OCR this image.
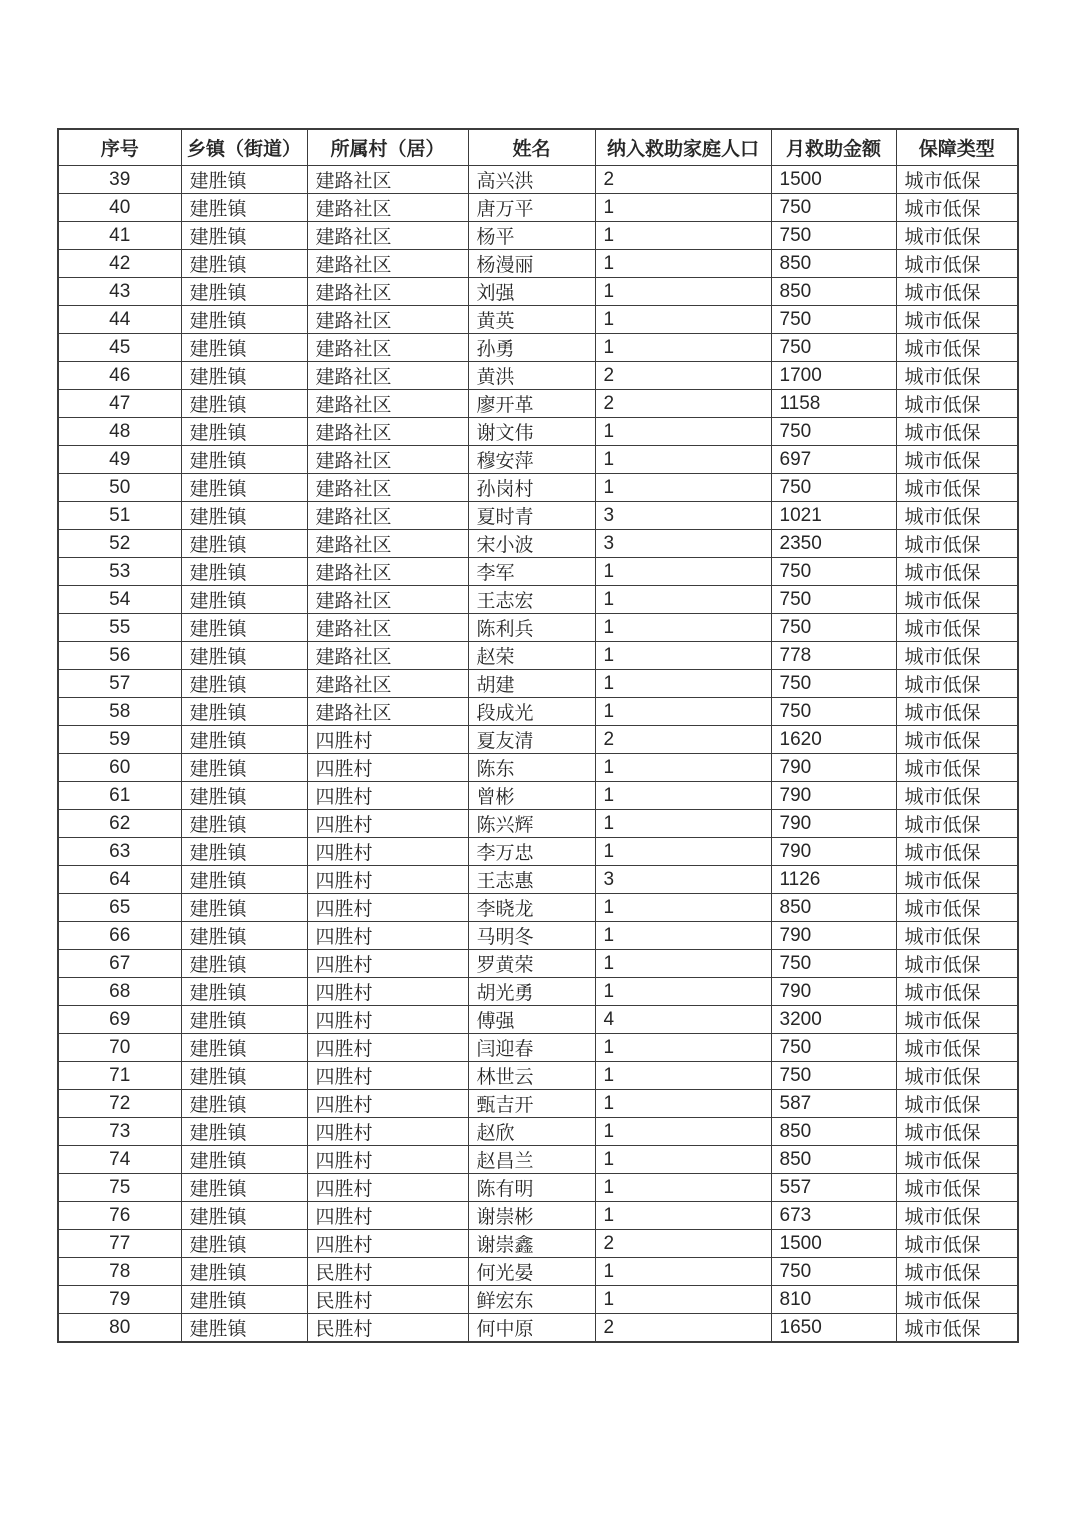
序号	乡镇（街道）	所属村（居）	姓名	纳入救助家庭人口	月救助金额	保障类型
39	建胜镇	建路社区	高兴洪	2	1500	城市低保
40	建胜镇	建路社区	唐万平	1	750	城市低保
41	建胜镇	建路社区	杨平	1	750	城市低保
42	建胜镇	建路社区	杨漫丽	1	850	城市低保
43	建胜镇	建路社区	刘强	1	850	城市低保
44	建胜镇	建路社区	黄英	1	750	城市低保
45	建胜镇	建路社区	孙勇	1	750	城市低保
46	建胜镇	建路社区	黄洪	2	1700	城市低保
47	建胜镇	建路社区	廖开革	2	1158	城市低保
48	建胜镇	建路社区	谢文伟	1	750	城市低保
49	建胜镇	建路社区	穆安萍	1	697	城市低保
50	建胜镇	建路社区	孙岗村	1	750	城市低保
51	建胜镇	建路社区	夏时青	3	1021	城市低保
52	建胜镇	建路社区	宋小波	3	2350	城市低保
53	建胜镇	建路社区	李军	1	750	城市低保
54	建胜镇	建路社区	王志宏	1	750	城市低保
55	建胜镇	建路社区	陈利兵	1	750	城市低保
56	建胜镇	建路社区	赵荣	1	778	城市低保
57	建胜镇	建路社区	胡建	1	750	城市低保
58	建胜镇	建路社区	段成光	1	750	城市低保
59	建胜镇	四胜村	夏友清	2	1620	城市低保
60	建胜镇	四胜村	陈东	1	790	城市低保
61	建胜镇	四胜村	曾彬	1	790	城市低保
62	建胜镇	四胜村	陈兴辉	1	790	城市低保
63	建胜镇	四胜村	李万忠	1	790	城市低保
64	建胜镇	四胜村	王志惠	3	1126	城市低保
65	建胜镇	四胜村	李晓龙	1	850	城市低保
66	建胜镇	四胜村	马明冬	1	790	城市低保
67	建胜镇	四胜村	罗黄荣	1	750	城市低保
68	建胜镇	四胜村	胡光勇	1	790	城市低保
69	建胜镇	四胜村	傅强	4	3200	城市低保
70	建胜镇	四胜村	闫迎春	1	750	城市低保
71	建胜镇	四胜村	林世云	1	750	城市低保
72	建胜镇	四胜村	甄吉开	1	587	城市低保
73	建胜镇	四胜村	赵欣	1	850	城市低保
74	建胜镇	四胜村	赵昌兰	1	850	城市低保
75	建胜镇	四胜村	陈有明	1	557	城市低保
76	建胜镇	四胜村	谢崇彬	1	673	城市低保
77	建胜镇	四胜村	谢崇鑫	2	1500	城市低保
78	建胜镇	民胜村	何光晏	1	750	城市低保
79	建胜镇	民胜村	鲜宏东	1	810	城市低保
80	建胜镇	民胜村	何中原	2	1650	城市低保
